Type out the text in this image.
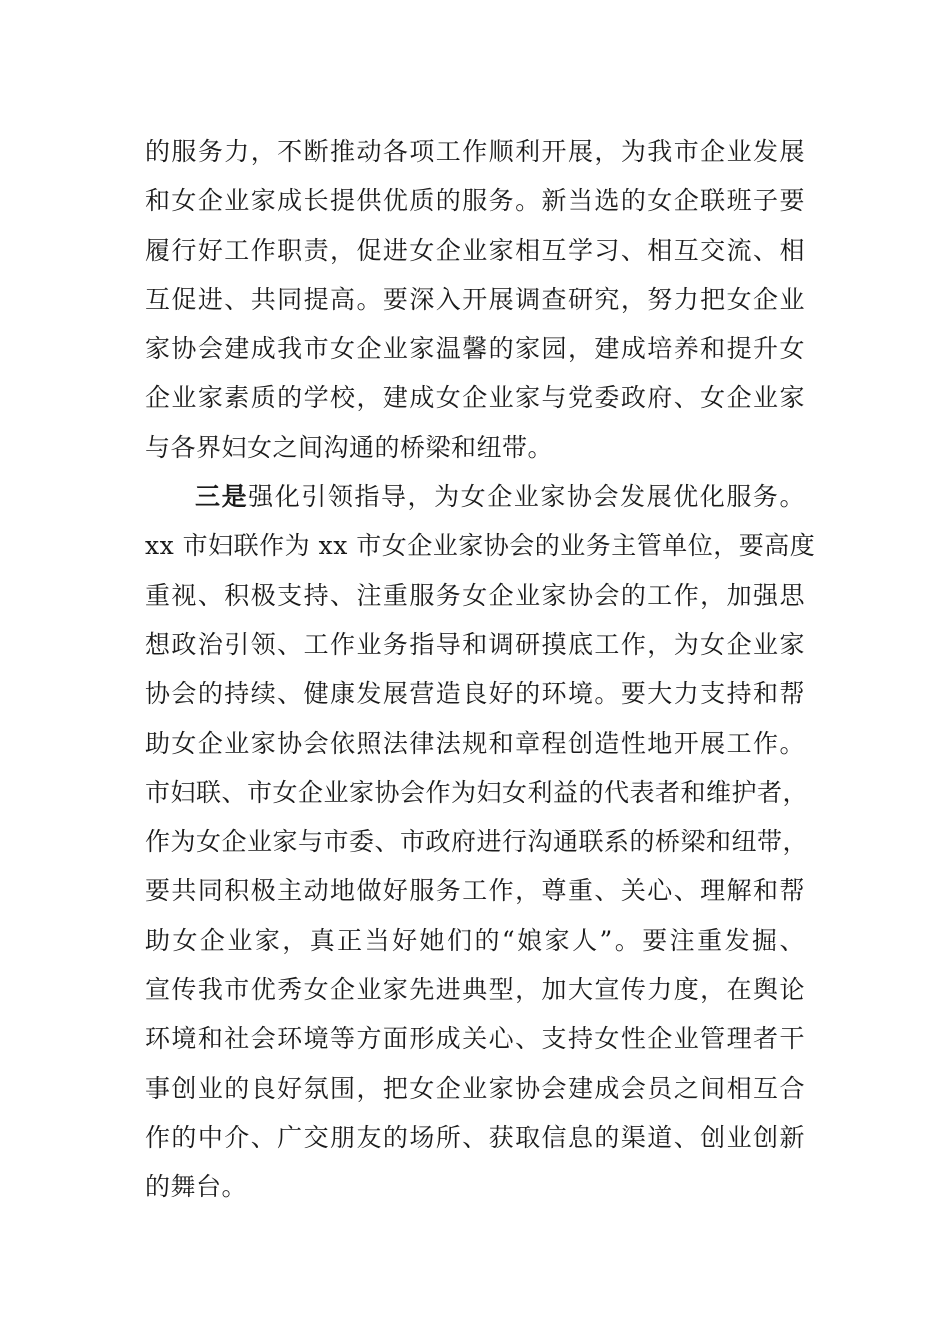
的服务力，不断推动各项工作顺利开展，为我市企业发展
和女企业家成长提供优质的服务。新当选的女企联班子要
履行好工作职责，促进女企业家相互学习、相互交流、相
互促进、共同提高。要深入开展调查研究，努力把女企业
家协会建成我市女企业家温馨的家园，建成培养和提升女
企业家素质的学校，建成女企业家与党委政府、女企业家
与各界妇女之间沟通的桥梁和纽带。
三是强化引领指导，为女企业家协会发展优化服务。
xx 市妇联作为 xx 市女企业家协会的业务主管单位，要高度
重视、积极支持、注重服务女企业家协会的工作，加强思
想政治引领、工作业务指导和调研摸底工作，为女企业家
协会的持续、健康发展营造良好的环境。要大力支持和帮
助女企业家协会依照法律法规和章程创造性地开展工作。
市妇联、市女企业家协会作为妇女利益的代表者和维护者，
作为女企业家与市委、市政府进行沟通联系的桥梁和纽带，
要共同积极主动地做好服务工作，尊重、关心、理解和帮
助女企业家，真正当好她们的“娘家人”。要注重发掘、
宣传我市优秀女企业家先进典型，加大宣传力度，在舆论
环境和社会环境等方面形成关心、支持女性企业管理者干
事创业的良好氛围，把女企业家协会建成会员之间相互合
作的中介、广交朋友的场所、获取信息的渠道、创业创新
的舞台。
